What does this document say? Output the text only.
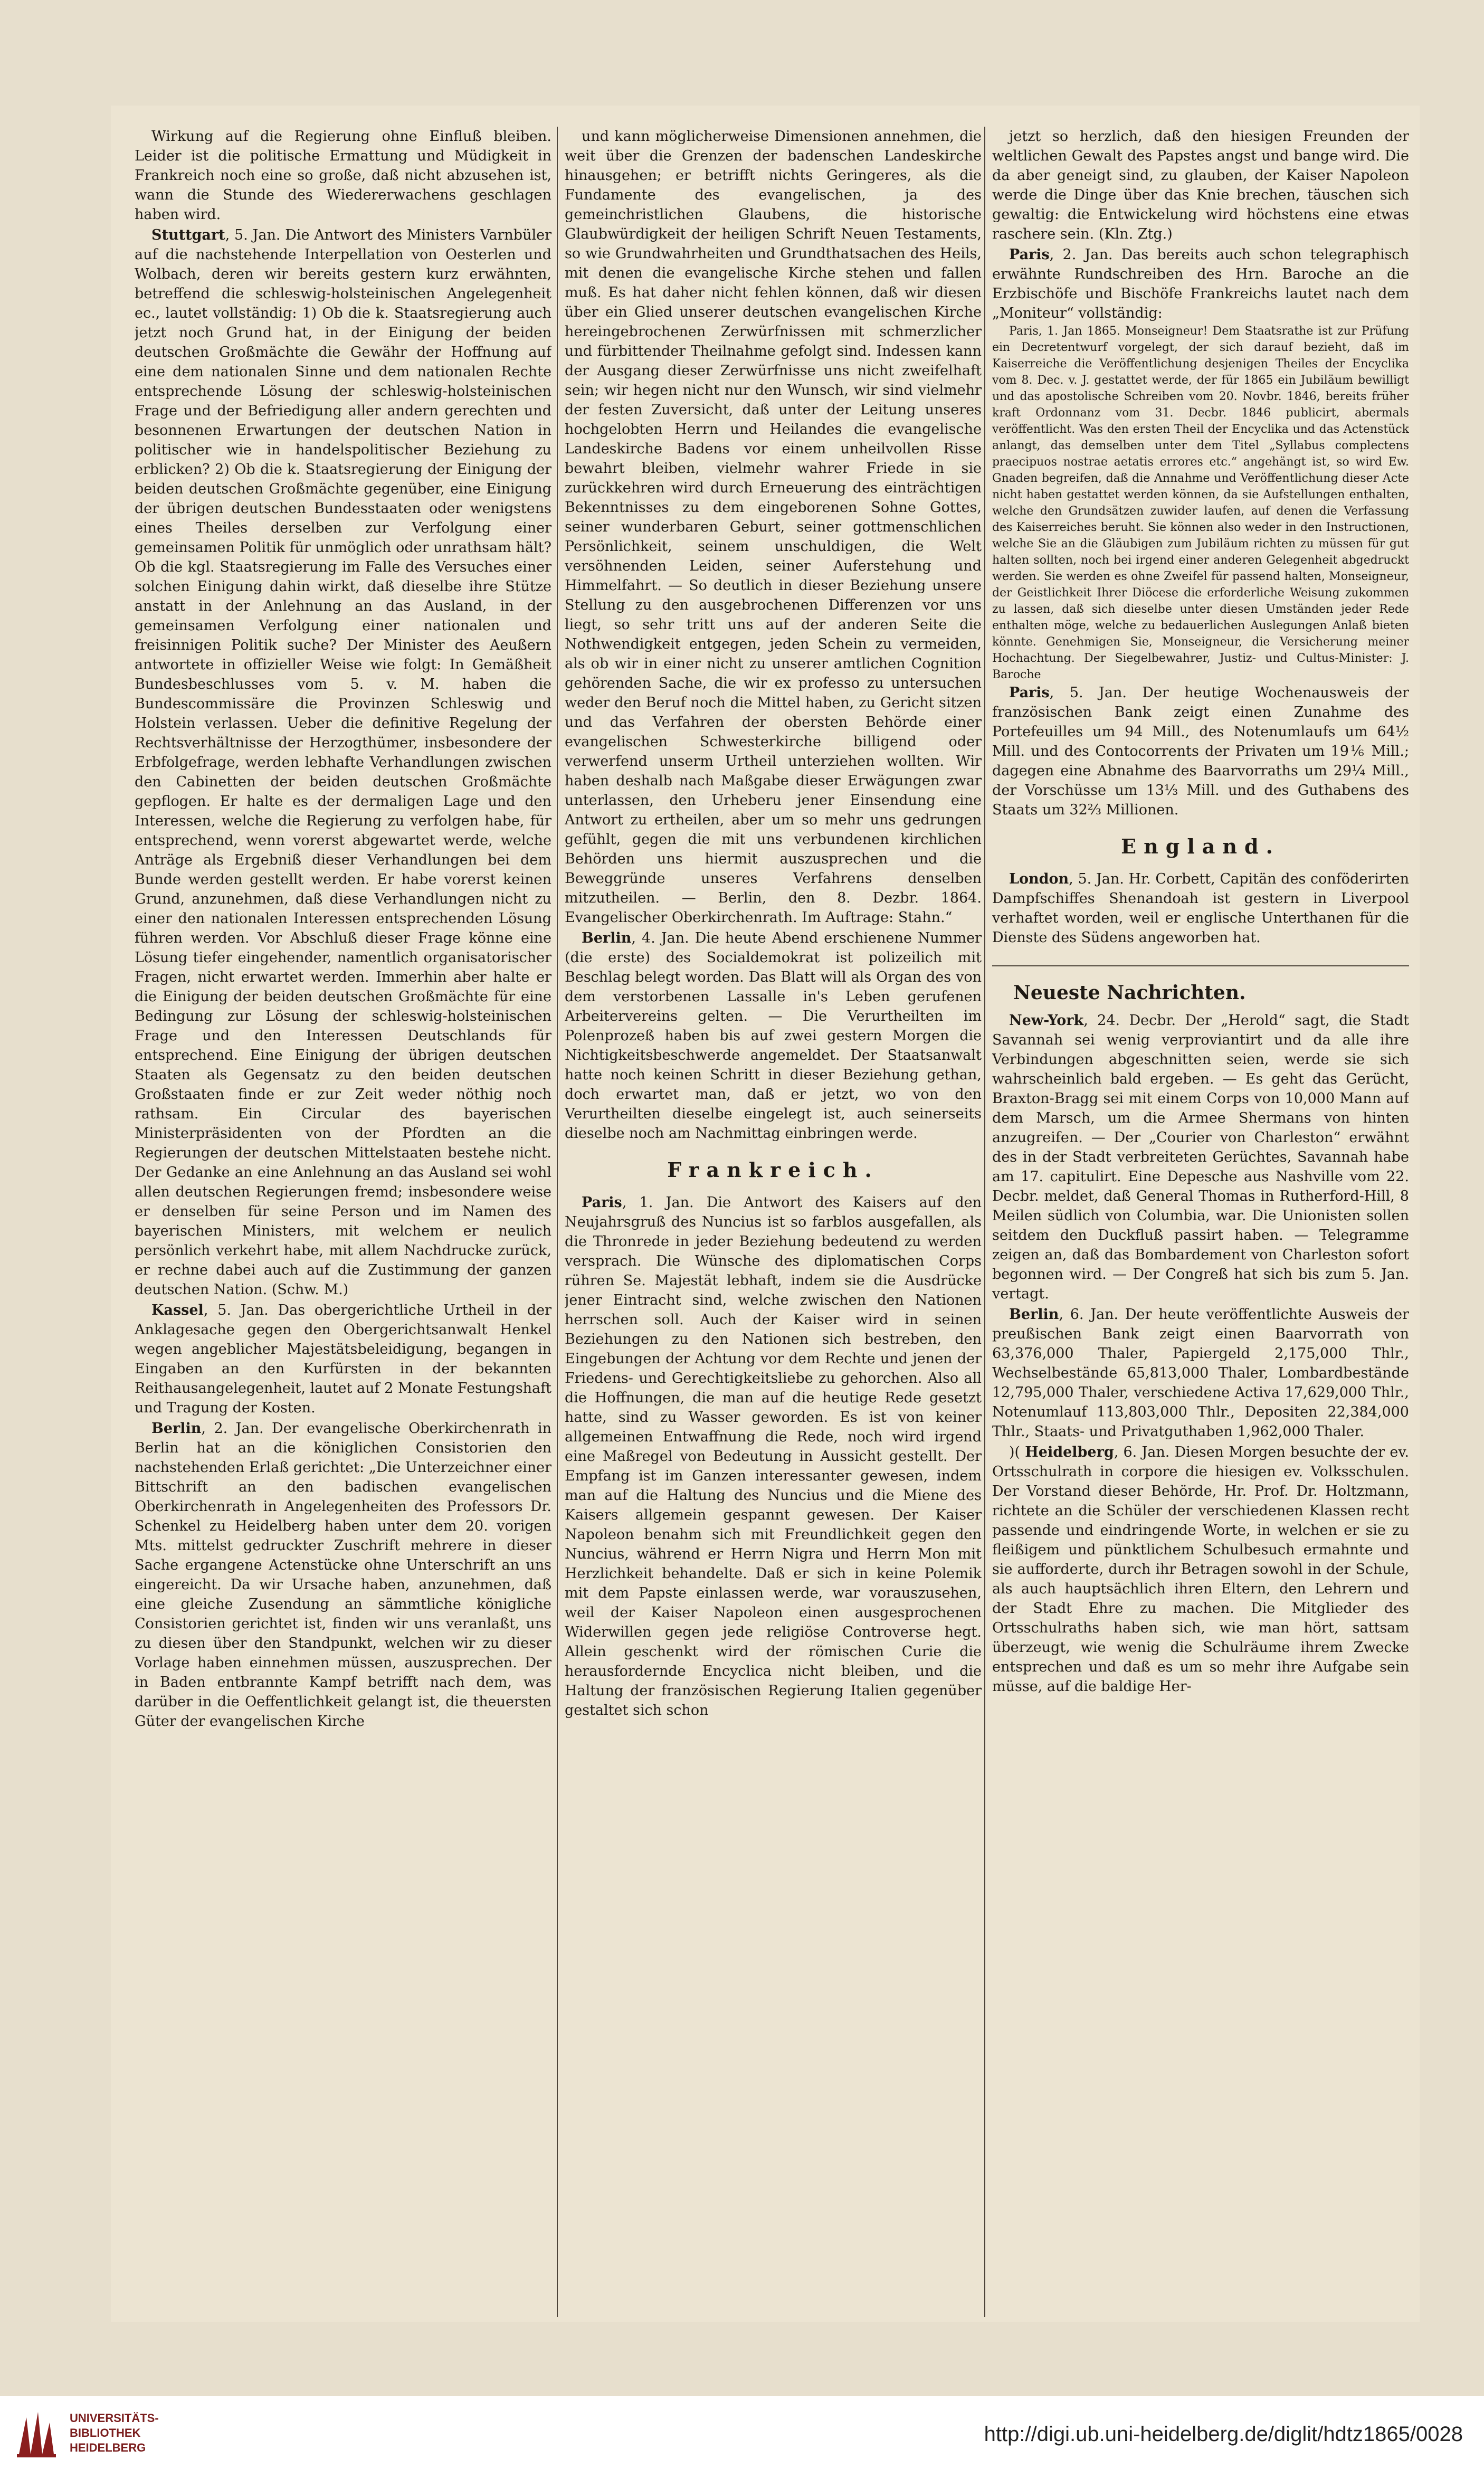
Wirkung auf die Regierung ohne Einfluß bleiben. Leider ist die politische Ermattung und Müdigkeit in Frankreich noch eine so große, daß nicht abzusehen ist, wann die Stunde des Wiedererwachens geschlagen haben wird.

Stuttgart, 5. Jan. Die Antwort des Ministers Varnbüler auf die nachstehende Interpellation von Oesterlen und Wolbach, deren wir bereits gestern kurz erwähnten, betreffend die schleswig-holsteinischen Angelegenheit ec., lautet vollständig: 1) Ob die k. Staatsregierung auch jetzt noch Grund hat, in der Einigung der beiden deutschen Großmächte die Gewähr der Hoffnung auf eine dem nationalen Sinne und dem nationalen Rechte entsprechende Lösung der schleswig-holsteinischen Frage und der Befriedigung aller andern gerechten und besonnenen Erwartungen der deutschen Nation in politischer wie in handelspolitischer Beziehung zu erblicken? 2) Ob die k. Staatsregierung der Einigung der beiden deutschen Großmächte gegenüber, eine Einigung der übrigen deutschen Bundesstaaten oder wenigstens eines Theiles derselben zur Verfolgung einer gemeinsamen Politik für unmöglich oder unrathsam hält? Ob die kgl. Staatsregierung im Falle des Versuches einer solchen Einigung dahin wirkt, daß dieselbe ihre Stütze anstatt in der Anlehnung an das Ausland, in der gemeinsamen Verfolgung einer nationalen und freisinnigen Politik suche? Der Minister des Aeußern antwortete in offizieller Weise wie folgt: In Gemäßheit Bundesbeschlusses vom 5. v. M. haben die Bundescommissäre die Provinzen Schleswig und Holstein verlassen. Ueber die definitive Regelung der Rechtsverhältnisse der Herzogthümer, insbesondere der Erbfolgefrage, werden lebhafte Verhandlungen zwischen den Cabinetten der beiden deutschen Großmächte gepflogen. Er halte es der dermaligen Lage und den Interessen, welche die Regierung zu verfolgen habe, für entsprechend, wenn vorerst abgewartet werde, welche Anträge als Ergebniß dieser Verhandlungen bei dem Bunde werden gestellt werden. Er habe vorerst keinen Grund, anzunehmen, daß diese Verhandlungen nicht zu einer den nationalen Interessen entsprechenden Lösung führen werden. Vor Abschluß dieser Frage könne eine Lösung tiefer eingehender, namentlich organisatorischer Fragen, nicht erwartet werden. Immerhin aber halte er die Einigung der beiden deutschen Großmächte für eine Bedingung zur Lösung der schleswig-holsteinischen Frage und den Interessen Deutschlands für entsprechend. Eine Einigung der übrigen deutschen Staaten als Gegensatz zu den beiden deutschen Großstaaten finde er zur Zeit weder nöthig noch rathsam. Ein Circular des bayerischen Ministerpräsidenten von der Pfordten an die Regierungen der deutschen Mittelstaaten bestehe nicht. Der Gedanke an eine Anlehnung an das Ausland sei wohl allen deutschen Regierungen fremd; insbesondere weise er denselben für seine Person und im Namen des bayerischen Ministers, mit welchem er neulich persönlich verkehrt habe, mit allem Nachdrucke zurück, er rechne dabei auch auf die Zustimmung der ganzen deutschen Nation. (Schw. M.)

Kassel, 5. Jan. Das obergerichtliche Urtheil in der Anklagesache gegen den Obergerichtsanwalt Henkel wegen angeblicher Majestätsbeleidigung, begangen in Eingaben an den Kurfürsten in der bekannten Reithausangelegenheit, lautet auf 2 Monate Festungshaft und Tragung der Kosten.

Berlin, 2. Jan. Der evangelische Oberkirchenrath in Berlin hat an die königlichen Consistorien den nachstehenden Erlaß gerichtet: „Die Unterzeichner einer Bittschrift an den badischen evangelischen Oberkirchenrath in Angelegenheiten des Professors Dr. Schenkel zu Heidelberg haben unter dem 20. vorigen Mts. mittelst gedruckter Zuschrift mehrere in dieser Sache ergangene Actenstücke ohne Unterschrift an uns eingereicht. Da wir Ursache haben, anzunehmen, daß eine gleiche Zusendung an sämmtliche königliche Consistorien gerichtet ist, finden wir uns veranlaßt, uns zu diesen über den Standpunkt, welchen wir zu dieser Vorlage haben einnehmen müssen, auszusprechen. Der in Baden entbrannte Kampf betrifft nach dem, was darüber in die Oeffentlichkeit gelangt ist, die theuersten Güter der evangelischen Kirche

und kann möglicherweise Dimensionen annehmen, die weit über die Grenzen der badenschen Landeskirche hinausgehen; er betrifft nichts Geringeres, als die Fundamente des evangelischen, ja des gemeinchristlichen Glaubens, die historische Glaubwürdigkeit der heiligen Schrift Neuen Testaments, so wie Grundwahrheiten und Grundthatsachen des Heils, mit denen die evangelische Kirche stehen und fallen muß. Es hat daher nicht fehlen können, daß wir diesen über ein Glied unserer deutschen evangelischen Kirche hereingebrochenen Zerwürfnissen mit schmerzlicher und fürbittender Theilnahme gefolgt sind. Indessen kann der Ausgang dieser Zerwürfnisse uns nicht zweifelhaft sein; wir hegen nicht nur den Wunsch, wir sind vielmehr der festen Zuversicht, daß unter der Leitung unseres hochgelobten Herrn und Heilandes die evangelische Landeskirche Badens vor einem unheilvollen Risse bewahrt bleiben, vielmehr wahrer Friede in sie zurückkehren wird durch Erneuerung des einträchtigen Bekenntnisses zu dem eingeborenen Sohne Gottes, seiner wunderbaren Geburt, seiner gottmenschlichen Persönlichkeit, seinem unschuldigen, die Welt versöhnenden Leiden, seiner Auferstehung und Himmelfahrt. — So deutlich in dieser Beziehung unsere Stellung zu den ausgebrochenen Differenzen vor uns liegt, so sehr tritt uns auf der anderen Seite die Nothwendigkeit entgegen, jeden Schein zu vermeiden, als ob wir in einer nicht zu unserer amtlichen Cognition gehörenden Sache, die wir ex professo zu untersuchen weder den Beruf noch die Mittel haben, zu Gericht sitzen und das Verfahren der obersten Behörde einer evangelischen Schwesterkirche billigend oder verwerfend unserm Urtheil unterziehen wollten. Wir haben deshalb nach Maßgabe dieser Erwägungen zwar unterlassen, den Urheberu jener Einsendung eine Antwort zu ertheilen, aber um so mehr uns gedrungen gefühlt, gegen die mit uns verbundenen kirchlichen Behörden uns hiermit auszusprechen und die Beweggründe unseres Verfahrens denselben mitzutheilen. — Berlin, den 8. Dezbr. 1864. Evangelischer Oberkirchenrath. Im Auftrage: Stahn.“

Berlin, 4. Jan. Die heute Abend erschienene Nummer (die erste) des Socialdemokrat ist polizeilich mit Beschlag belegt worden. Das Blatt will als Organ des von dem verstorbenen Lassalle in's Leben gerufenen Arbeitervereins gelten. — Die Verurtheilten im Polenprozeß haben bis auf zwei gestern Morgen die Nichtigkeitsbeschwerde angemeldet. Der Staatsanwalt hatte noch keinen Schritt in dieser Beziehung gethan, doch erwartet man, daß er jetzt, wo von den Verurtheilten dieselbe eingelegt ist, auch seinerseits dieselbe noch am Nachmittag einbringen werde.

Frankreich.

Paris, 1. Jan. Die Antwort des Kaisers auf den Neujahrsgruß des Nuncius ist so farblos ausgefallen, als die Thronrede in jeder Beziehung bedeutend zu werden versprach. Die Wünsche des diplomatischen Corps rühren Se. Majestät lebhaft, indem sie die Ausdrücke jener Eintracht sind, welche zwischen den Nationen herrschen soll. Auch der Kaiser wird in seinen Beziehungen zu den Nationen sich bestreben, den Eingebungen der Achtung vor dem Rechte und jenen der Friedens- und Gerechtigkeitsliebe zu gehorchen. Also all die Hoffnungen, die man auf die heutige Rede gesetzt hatte, sind zu Wasser geworden. Es ist von keiner allgemeinen Entwaffnung die Rede, noch wird irgend eine Maßregel von Bedeutung in Aussicht gestellt. Der Empfang ist im Ganzen interessanter gewesen, indem man auf die Haltung des Nuncius und die Miene des Kaisers allgemein gespannt gewesen. Der Kaiser Napoleon benahm sich mit Freundlichkeit gegen den Nuncius, während er Herrn Nigra und Herrn Mon mit Herzlichkeit behandelte. Daß er sich in keine Polemik mit dem Papste einlassen werde, war vorauszusehen, weil der Kaiser Napoleon einen ausgesprochenen Widerwillen gegen jede religiöse Controverse hegt. Allein geschenkt wird der römischen Curie die herausfordernde Encyclica nicht bleiben, und die Haltung der französischen Regierung Italien gegenüber gestaltet sich schon

jetzt so herzlich, daß den hiesigen Freunden der weltlichen Gewalt des Papstes angst und bange wird. Die da aber geneigt sind, zu glauben, der Kaiser Napoleon werde die Dinge über das Knie brechen, täuschen sich gewaltig: die Entwickelung wird höchstens eine etwas raschere sein. (Kln. Ztg.)

Paris, 2. Jan. Das bereits auch schon telegraphisch erwähnte Rundschreiben des Hrn. Baroche an die Erzbischöfe und Bischöfe Frankreichs lautet nach dem „Moniteur“ vollständig:

Paris, 1. Jan 1865. Monseigneur! Dem Staatsrathe ist zur Prüfung ein Decretentwurf vorgelegt, der sich darauf bezieht, daß im Kaiserreiche die Veröffentlichung desjenigen Theiles der Encyclika vom 8. Dec. v. J. gestattet werde, der für 1865 ein Jubiläum bewilligt und das apostolische Schreiben vom 20. Novbr. 1846, bereits früher kraft Ordonnanz vom 31. Decbr. 1846 publicirt, abermals veröffentlicht. Was den ersten Theil der Encyclika und das Actenstück anlangt, das demselben unter dem Titel „Syllabus complectens praecipuos nostrae aetatis errores etc.“ angehängt ist, so wird Ew. Gnaden begreifen, daß die Annahme und Veröffentlichung dieser Acte nicht haben gestattet werden können, da sie Aufstellungen enthalten, welche den Grundsätzen zuwider laufen, auf denen die Verfassung des Kaiserreiches beruht. Sie können also weder in den Instructionen, welche Sie an die Gläubigen zum Jubiläum richten zu müssen für gut halten sollten, noch bei irgend einer anderen Gelegenheit abgedruckt werden. Sie werden es ohne Zweifel für passend halten, Monseigneur, der Geistlichkeit Ihrer Diöcese die erforderliche Weisung zukommen zu lassen, daß sich dieselbe unter diesen Umständen jeder Rede enthalten möge, welche zu bedauerlichen Auslegungen Anlaß bieten könnte. Genehmigen Sie, Monseigneur, die Versicherung meiner Hochachtung. Der Siegelbewahrer, Justiz- und Cultus-Minister: J. Baroche

Paris, 5. Jan. Der heutige Wochenausweis der französischen Bank zeigt einen Zunahme des Portefeuilles um 94 Mill., des Notenumlaufs um 64½ Mill. und des Contocorrents der Privaten um 19⅙ Mill.; dagegen eine Abnahme des Baarvorraths um 29¼ Mill., der Vorschüsse um 13⅓ Mill. und des Guthabens des Staats um 32⅔ Millionen.

England.

London, 5. Jan. Hr. Corbett, Capitän des conföderirten Dampfschiffes Shenandoah ist gestern in Liverpool verhaftet worden, weil er englische Unterthanen für die Dienste des Südens angeworben hat.

Neueste Nachrichten.

New-York, 24. Decbr. Der „Herold“ sagt, die Stadt Savannah sei wenig verproviantirt und da alle ihre Verbindungen abgeschnitten seien, werde sie sich wahrscheinlich bald ergeben. — Es geht das Gerücht, Braxton-Bragg sei mit einem Corps von 10,000 Mann auf dem Marsch, um die Armee Shermans von hinten anzugreifen. — Der „Courier von Charleston“ erwähnt des in der Stadt verbreiteten Gerüchtes, Savannah habe am 17. capitulirt. Eine Depesche aus Nashville vom 22. Decbr. meldet, daß General Thomas in Rutherford-Hill, 8 Meilen südlich von Columbia, war. Die Unionisten sollen seitdem den Duckfluß passirt haben. — Telegramme zeigen an, daß das Bombardement von Charleston sofort begonnen wird. — Der Congreß hat sich bis zum 5. Jan. vertagt.

Berlin, 6. Jan. Der heute veröffentlichte Ausweis der preußischen Bank zeigt einen Baarvorrath von 63,376,000 Thaler, Papiergeld 2,175,000 Thlr., Wechselbestände 65,813,000 Thaler, Lombardbestände 12,795,000 Thaler, verschiedene Activa 17,629,000 Thlr., Notenumlauf 113,803,000 Thlr., Depositen 22,384,000 Thlr., Staats- und Privatguthaben 1,962,000 Thaler.

)( Heidelberg, 6. Jan. Diesen Morgen besuchte der ev. Ortsschulrath in corpore die hiesigen ev. Volksschulen. Der Vorstand dieser Behörde, Hr. Prof. Dr. Holtzmann, richtete an die Schüler der verschiedenen Klassen recht passende und eindringende Worte, in welchen er sie zu fleißigem und pünktlichem Schulbesuch ermahnte und sie aufforderte, durch ihr Betragen sowohl in der Schule, als auch hauptsächlich ihren Eltern, den Lehrern und der Stadt Ehre zu machen. Die Mitglieder des Ortsschulraths haben sich, wie man hört, sattsam überzeugt, wie wenig die Schulräume ihrem Zwecke entsprechen und daß es um so mehr ihre Aufgabe sein müsse, auf die baldige Her-

UNIVERSITÄTS-
BIBLIOTHEK
HEIDELBERG
http://digi.ub.uni-heidelberg.de/diglit/hdtz1865/0028
